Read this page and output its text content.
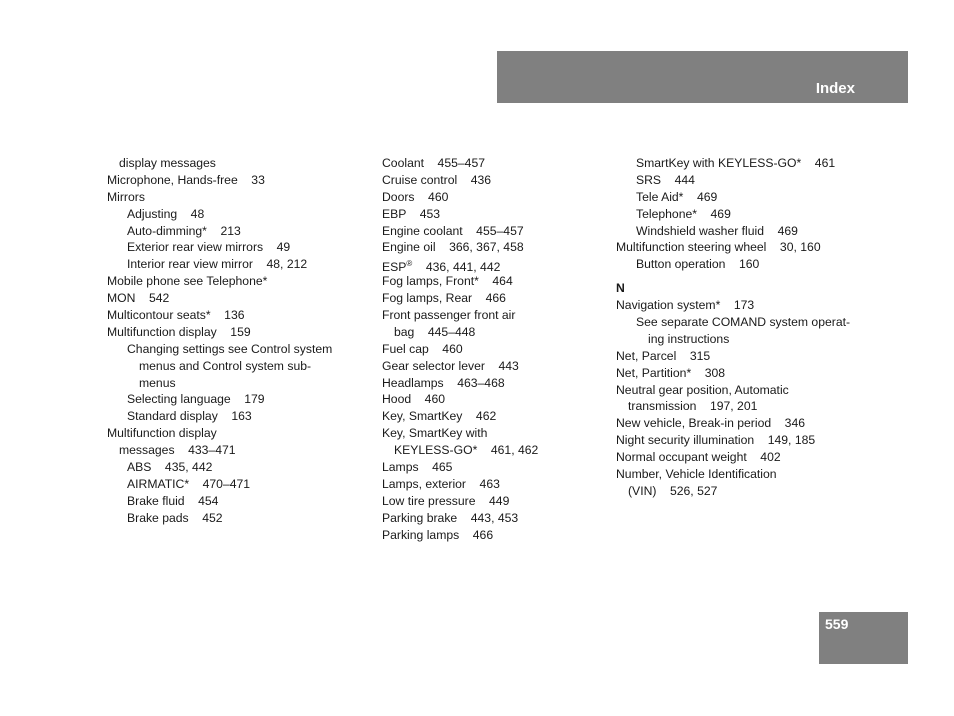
Index
display messages
Microphone, Hands-free    33
Mirrors
Adjusting    48
Auto-dimming*    213
Exterior rear view mirrors    49
Interior rear view mirror    48, 212
Mobile phone see Telephone*
MON    542
Multicontour seats*    136
Multifunction display    159
Changing settings see Control system
menus and Control system sub-
menus
Selecting language    179
Standard display    163
Multifunction display
messages    433–471
ABS    435, 442
AIRMATIC*    470–471
Brake fluid    454
Brake pads    452
Coolant    455–457
Cruise control    436
Doors    460
EBP    453
Engine coolant    455–457
Engine oil    366, 367, 458
ESP®    436, 441, 442
Fog lamps, Front*    464
Fog lamps, Rear    466
Front passenger front air
bag    445–448
Fuel cap    460
Gear selector lever    443
Headlamps    463–468
Hood    460
Key, SmartKey    462
Key, SmartKey with
KEYLESS-GO*    461, 462
Lamps    465
Lamps, exterior    463
Low tire pressure    449
Parking brake    443, 453
Parking lamps    466
SmartKey with KEYLESS-GO*    461
SRS    444
Tele Aid*    469
Telephone*    469
Windshield washer fluid    469
Multifunction steering wheel    30, 160
Button operation    160
N
Navigation system*    173
See separate COMAND system operat-
ing instructions
Net, Parcel    315
Net, Partition*    308
Neutral gear position, Automatic
transmission    197, 201
New vehicle, Break-in period    346
Night security illumination    149, 185
Normal occupant weight    402
Number, Vehicle Identification
(VIN)    526, 527
559
